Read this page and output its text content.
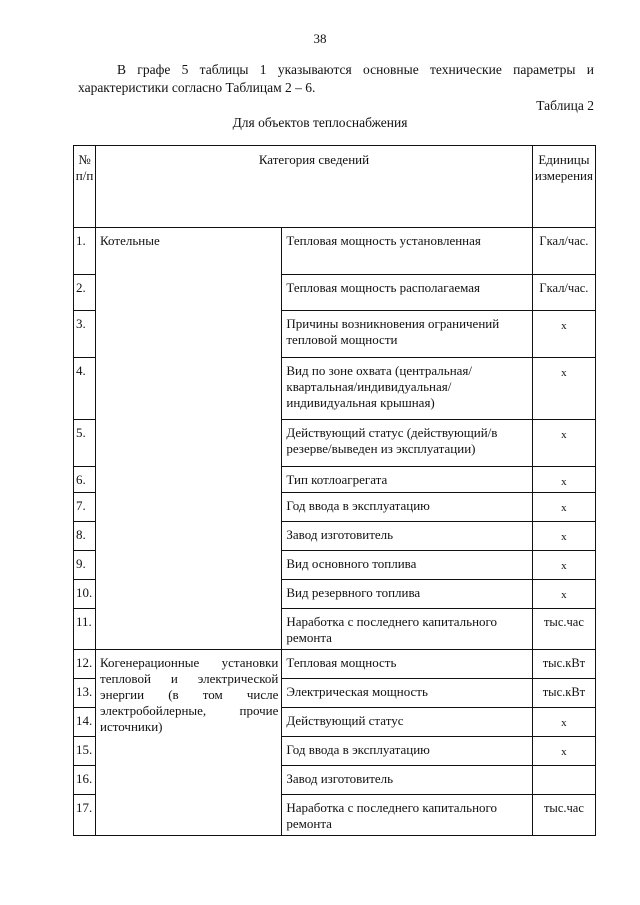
38

В графе 5 таблицы 1 указываются основные технические параметры и характеристики согласно Таблицам 2 – 6.

Таблица 2
Для объектов теплоснабжения
№ п/п	Категория сведений		Единицы измерения
1.	Котельные	Тепловая мощность установленная	Гкал/час.
2.		Тепловая мощность располагаемая	Гкал/час.
3.		Причины возникновения ограничений тепловой мощности	х
4.		Вид по зоне охвата (центральная/квартальная/индивидуальная/индивидуальная крышная)	х
5.		Действующий статус (действующий/в резерве/выведен из эксплуатации)	х
6.		Тип котлоагрегата	х
7.		Год ввода в эксплуатацию	х
8.		Завод изготовитель	х
9.		Вид основного топлива	х
10.		Вид резервного топлива	х
11.		Наработка с последнего капитального ремонта	тыс.час
12.	Когенерационные установки тепловой и электрической энергии (в том числе электробойлерные, прочие источники)	Тепловая мощность	тыс.кВт
13.		Электрическая мощность	тыс.кВт
14.		Действующий статус	х
15.		Год ввода в эксплуатацию	х
16.		Завод изготовитель	
17.		Наработка с последнего капитального ремонта	тыс.час
